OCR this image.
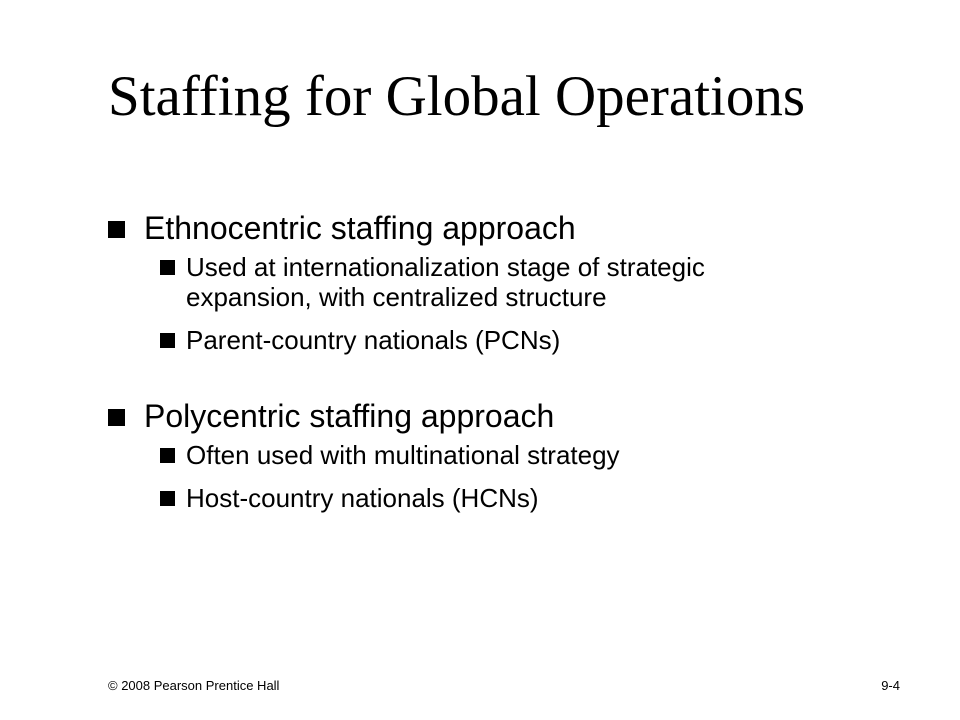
Staffing for Global Operations
Ethnocentric staffing approach
Used at internationalization stage of strategic expansion, with centralized structure
Parent-country nationals (PCNs)
Polycentric staffing approach
Often used with multinational strategy
Host-country nationals (HCNs)
© 2008 Pearson Prentice Hall	9-4
